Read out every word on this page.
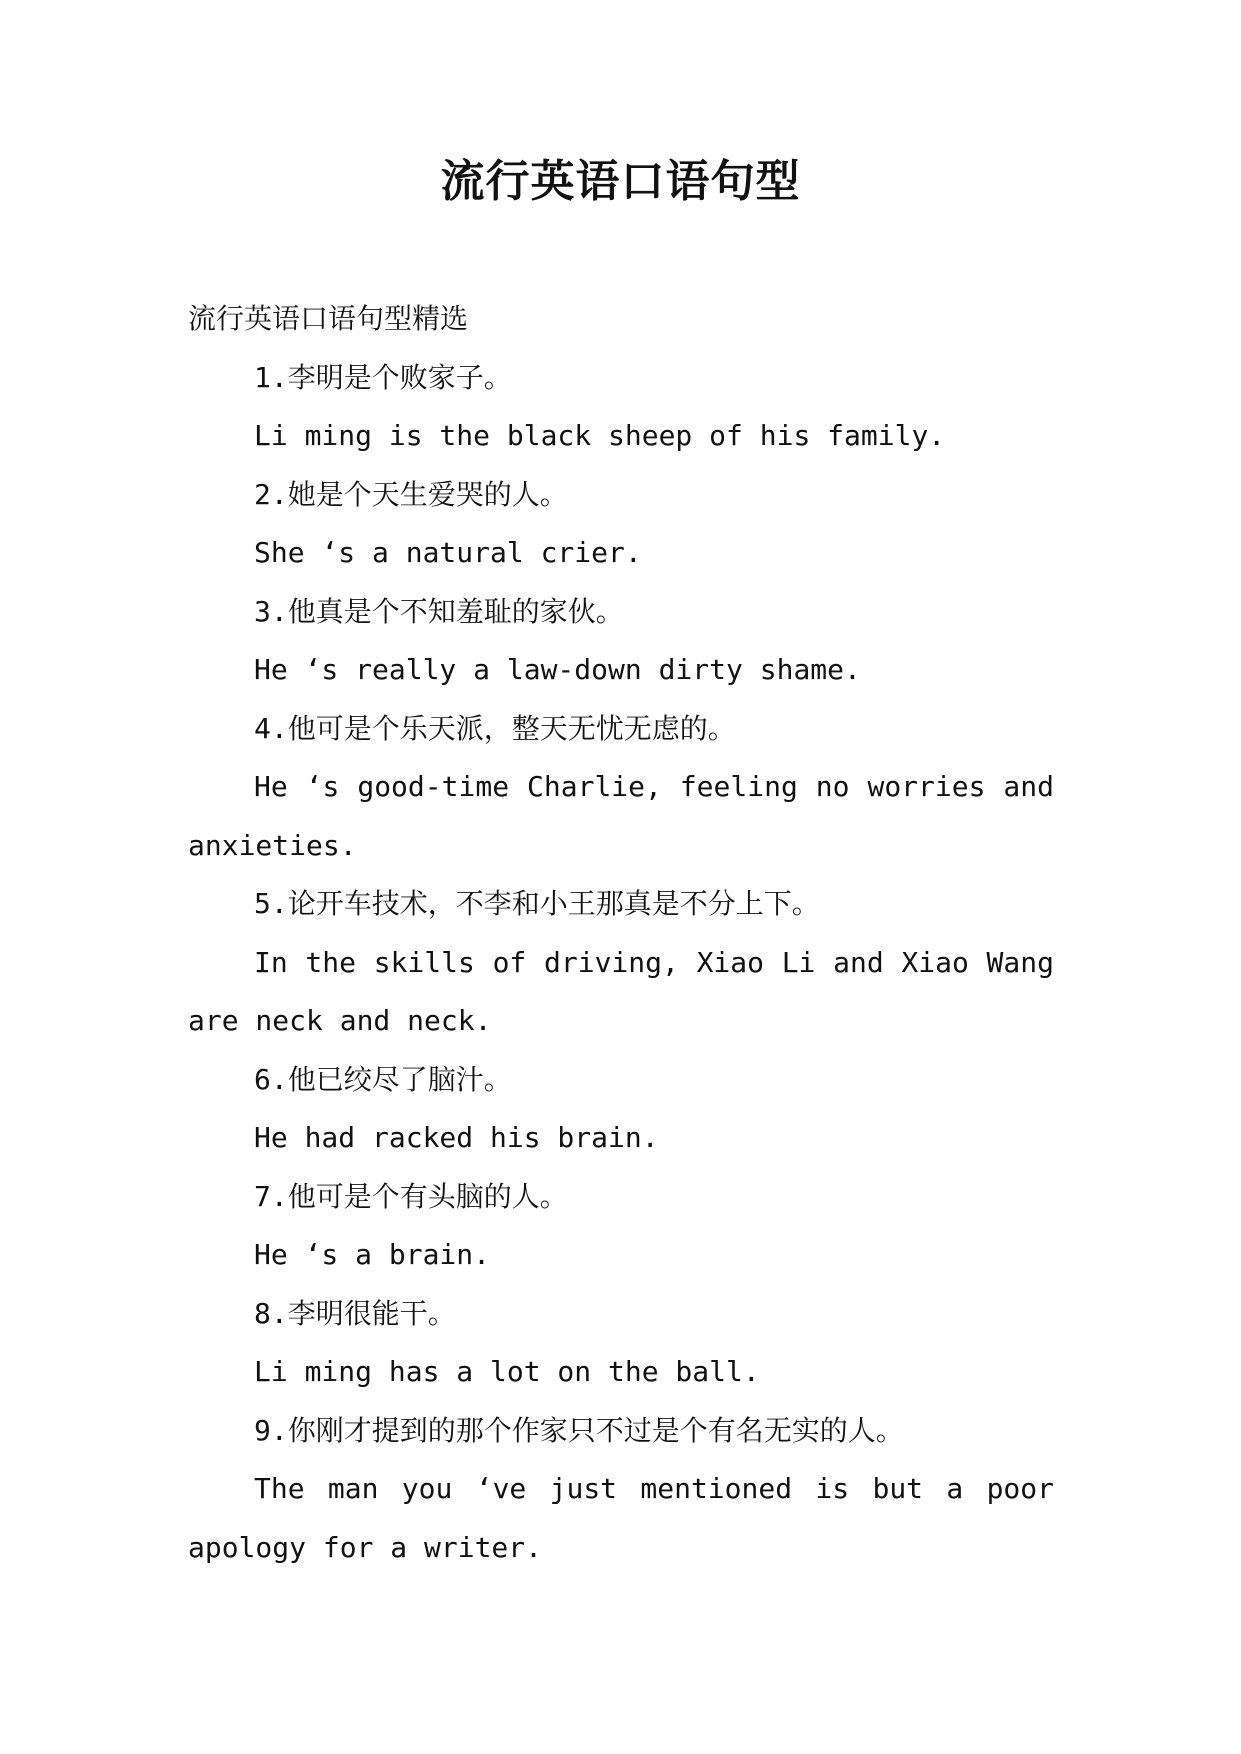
流行英语口语句型

流行英语口语句型精选

1.李明是个败家子。

Li ming is the black sheep of his family.

2.她是个天生爱哭的人。

She ‘s a natural crier.

3.他真是个不知羞耻的家伙。

He ‘s really a law-down dirty shame.

4.他可是个乐天派，整天无忧无虑的。

He ‘s good-time Charlie, feeling no worries and anxieties.

5.论开车技术，不李和小王那真是不分上下。

In the skills of driving, Xiao Li and Xiao Wang are neck and neck.

6.他已绞尽了脑汁。

He had racked his brain.

7.他可是个有头脑的人。

He ‘s a brain.

8.李明很能干。

Li ming has a lot on the ball.

9.你刚才提到的那个作家只不过是个有名无实的人。

The man you ‘ve just mentioned is but a poor apology for a writer.
